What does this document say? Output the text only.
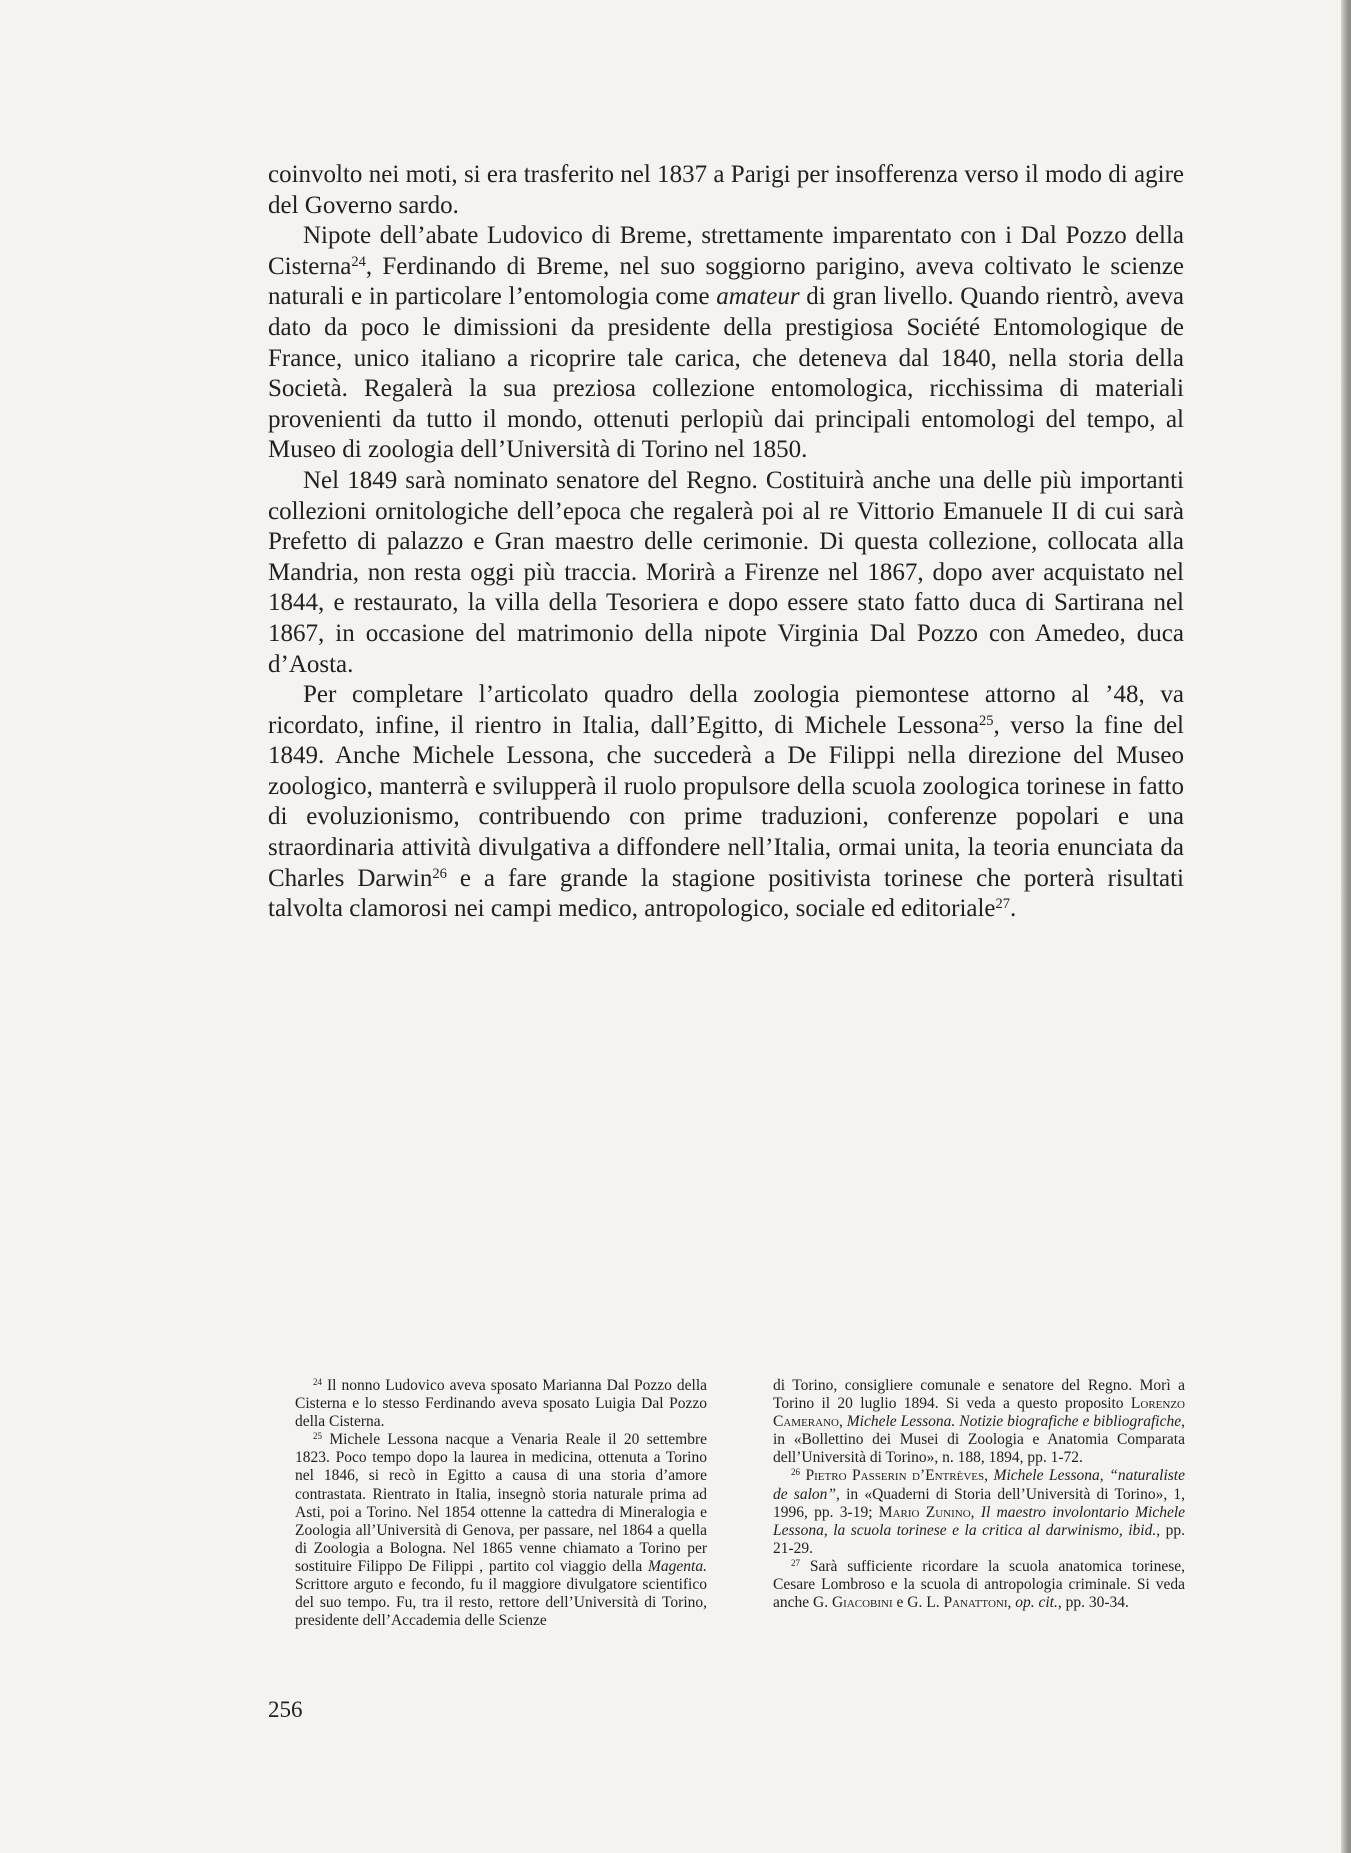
coinvolto nei moti, si era trasferito nel 1837 a Parigi per insofferenza verso il modo di agire del Governo sardo.

Nipote dell’abate Ludovico di Breme, strettamente imparentato con i Dal Pozzo della Cisterna$^{24}$, Ferdinando di Breme, nel suo soggiorno parigino, aveva coltivato le scienze naturali e in particolare l’entomologia come amateur di gran livello. Quando rientrò, aveva dato da poco le dimissioni da presidente della prestigiosa Société Entomologique de France, unico italiano a ricoprire tale carica, che deteneva dal 1840, nella storia della Società. Regalerà la sua preziosa collezione entomologica, ricchissima di materiali provenienti da tutto il mondo, ottenuti perlopiù dai principali entomologi del tempo, al Museo di zoologia dell’Università di Torino nel 1850.

Nel 1849 sarà nominato senatore del Regno. Costituirà anche una delle più importanti collezioni ornitologiche dell’epoca che regalerà poi al re Vittorio Emanuele II di cui sarà Prefetto di palazzo e Gran maestro delle cerimonie. Di questa collezione, collocata alla Mandria, non resta oggi più traccia. Morirà a Firenze nel 1867, dopo aver acquistato nel 1844, e restaurato, la villa della Tesoriera e dopo essere stato fatto duca di Sartirana nel 1867, in occasione del matrimonio della nipote Virginia Dal Pozzo con Amedeo, duca d’Aosta.

Per completare l’articolato quadro della zoologia piemontese attorno al ’48, va ricordato, infine, il rientro in Italia, dall’Egitto, di Michele Lessona$^{25}$, verso la fine del 1849. Anche Michele Lessona, che succederà a De Filippi nella direzione del Museo zoologico, manterrà e svilupperà il ruolo propulsore della scuola zoologica torinese in fatto di evoluzionismo, contribuendo con prime traduzioni, conferenze popolari e una straordinaria attività divulgativa a diffondere nell’Italia, ormai unita, la teoria enunciata da Charles Darwin$^{26}$ e a fare grande la stagione positivista torinese che porterà risultati talvolta clamorosi nei campi medico, antropologico, sociale ed editoriale$^{27}$.

$^{24}$ Il nonno Ludovico aveva sposato Marianna Dal Pozzo della Cisterna e lo stesso Ferdinando aveva sposato Luigia Dal Pozzo della Cisterna.

$^{25}$ Michele Lessona nacque a Venaria Reale il 20 settembre 1823. Poco tempo dopo la laurea in medicina, ottenuta a Torino nel 1846, si recò in Egitto a causa di una storia d’amore contrastata. Rientrato in Italia, insegnò storia naturale prima ad Asti, poi a Torino. Nel 1854 ottenne la cattedra di Mineralogia e Zoologia all’Università di Genova, per passare, nel 1864 a quella di Zoologia a Bologna. Nel 1865 venne chiamato a Torino per sostituire Filippo De Filippi , partito col viaggio della Magenta. Scrittore arguto e fecondo, fu il maggiore divulgatore scientifico del suo tempo. Fu, tra il resto, rettore dell’Università di Torino, presidente dell’Accademia delle Scienze

di Torino, consigliere comunale e senatore del Regno. Morì a Torino il 20 luglio 1894. Si veda a questo proposito Lorenzo Camerano, Michele Lessona. Notizie biografiche e bibliografiche, in «Bollettino dei Musei di Zoologia e Anatomia Comparata dell’Università di Torino», n. 188, 1894, pp. 1-72.

$^{26}$ Pietro Passerin d’Entrèves, Michele Lessona, “naturaliste de salon”, in «Quaderni di Storia dell’Università di Torino», 1, 1996, pp. 3-19; Mario Zunino, Il maestro involontario Michele Lessona, la scuola torinese e la critica al darwinismo, ibid., pp. 21-29.

$^{27}$ Sarà sufficiente ricordare la scuola anatomica torinese, Cesare Lombroso e la scuola di antropologia criminale. Si veda anche G. Giacobini e G. L. Panattoni, op. cit., pp. 30-34.

256
